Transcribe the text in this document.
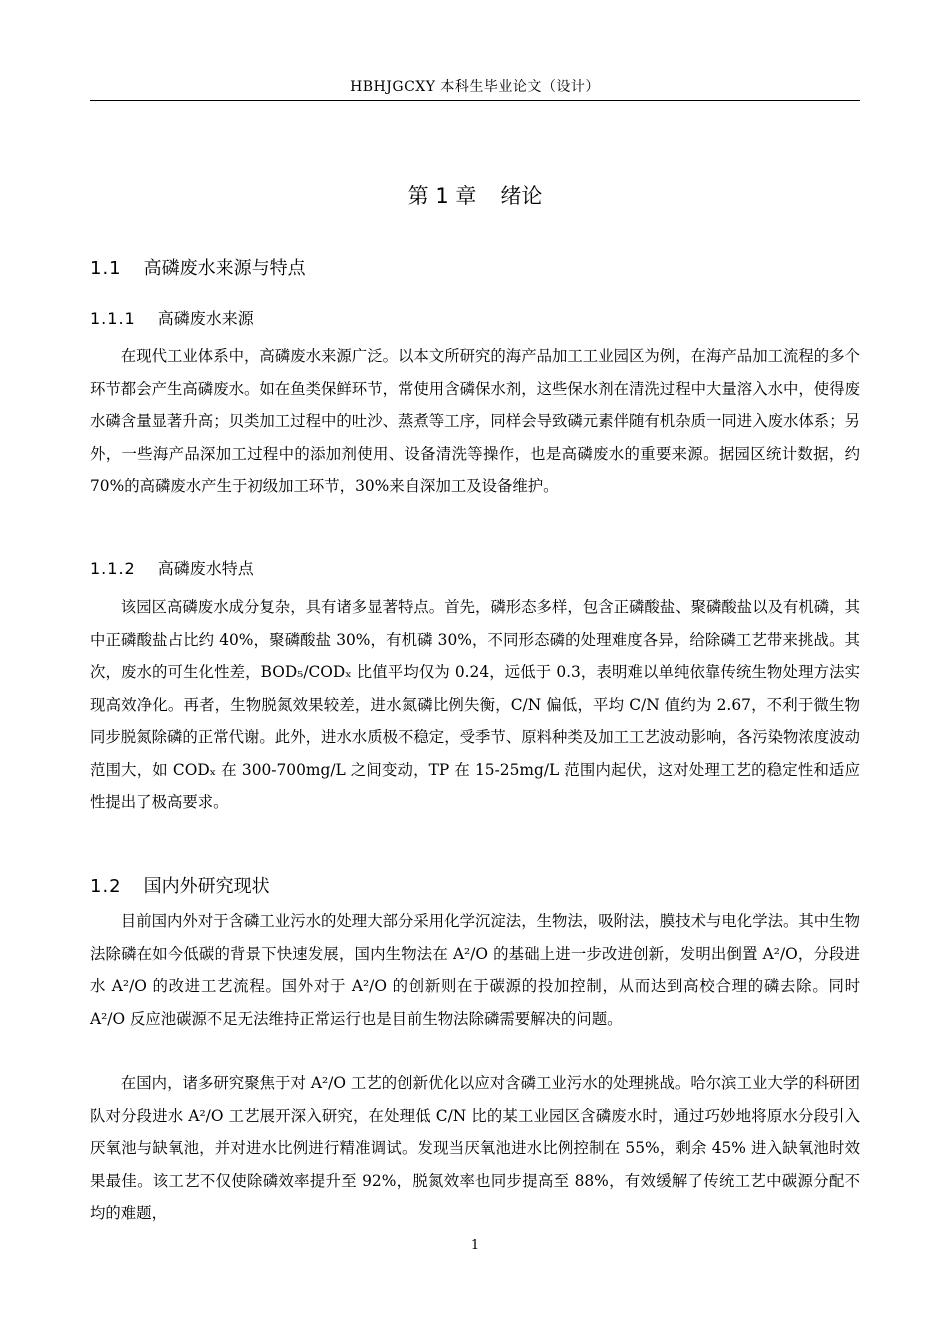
HBHJGCXY 本科生毕业论文（设计）
第 1 章 绪论
1.1 高磷废水来源与特点
1.1.1 高磷废水来源

在现代工业体系中，高磷废水来源广泛。以本文所研究的海产品加工工业园区为例，在海产品加工流程的多个环节都会产生高磷废水。如在鱼类保鲜环节，常使用含磷保水剂，这些保水剂在清洗过程中大量溶入水中，使得废水磷含量显著升高；贝类加工过程中的吐沙、蒸煮等工序，同样会导致磷元素伴随有机杂质一同进入废水体系；另外，一些海产品深加工过程中的添加剂使用、设备清洗等操作，也是高磷废水的重要来源。据园区统计数据，约70%的高磷废水产生于初级加工环节，30%来自深加工及设备维护。

1.1.2 高磷废水特点

该园区高磷废水成分复杂，具有诸多显著特点。首先，磷形态多样，包含正磷酸盐、聚磷酸盐以及有机磷，其中正磷酸盐占比约 40%，聚磷酸盐 30%，有机磷 30%，不同形态磷的处理难度各异，给除磷工艺带来挑战。其次，废水的可生化性差，BOD₅/CODₓ 比值平均仅为 0.24，远低于 0.3，表明难以单纯依靠传统生物处理方法实现高效净化。再者，生物脱氮效果较差，进水氮磷比例失衡，C/N 偏低，平均 C/N 值约为 2.67，不利于微生物同步脱氮除磷的正常代谢。此外，进水水质极不稳定，受季节、原料种类及加工工艺波动影响，各污染物浓度波动范围大，如 CODₓ 在 300-700mg/L 之间变动，TP 在 15-25mg/L 范围内起伏，这对处理工艺的稳定性和适应性提出了极高要求。

1.2 国内外研究现状

目前国内外对于含磷工业污水的处理大部分采用化学沉淀法，生物法，吸附法，膜技术与电化学法。其中生物法除磷在如今低碳的背景下快速发展，国内生物法在 A²/O 的基础上进一步改进创新，发明出倒置 A²/O，分段进水 A²/O 的改进工艺流程。国外对于 A²/O 的创新则在于碳源的投加控制，从而达到高校合理的磷去除。同时 A²/O 反应池碳源不足无法维持正常运行也是目前生物法除磷需要解决的问题。

在国内，诸多研究聚焦于对 A²/O 工艺的创新优化以应对含磷工业污水的处理挑战。哈尔滨工业大学的科研团队对分段进水 A²/O 工艺展开深入研究，在处理低 C/N 比的某工业园区含磷废水时，通过巧妙地将原水分段引入厌氧池与缺氧池，并对进水比例进行精准调试。发现当厌氧池进水比例控制在 55%，剩余 45% 进入缺氧池时效果最佳。该工艺不仅使除磷效率提升至 92%，脱氮效率也同步提高至 88%，有效缓解了传统工艺中碳源分配不均的难题，

1
